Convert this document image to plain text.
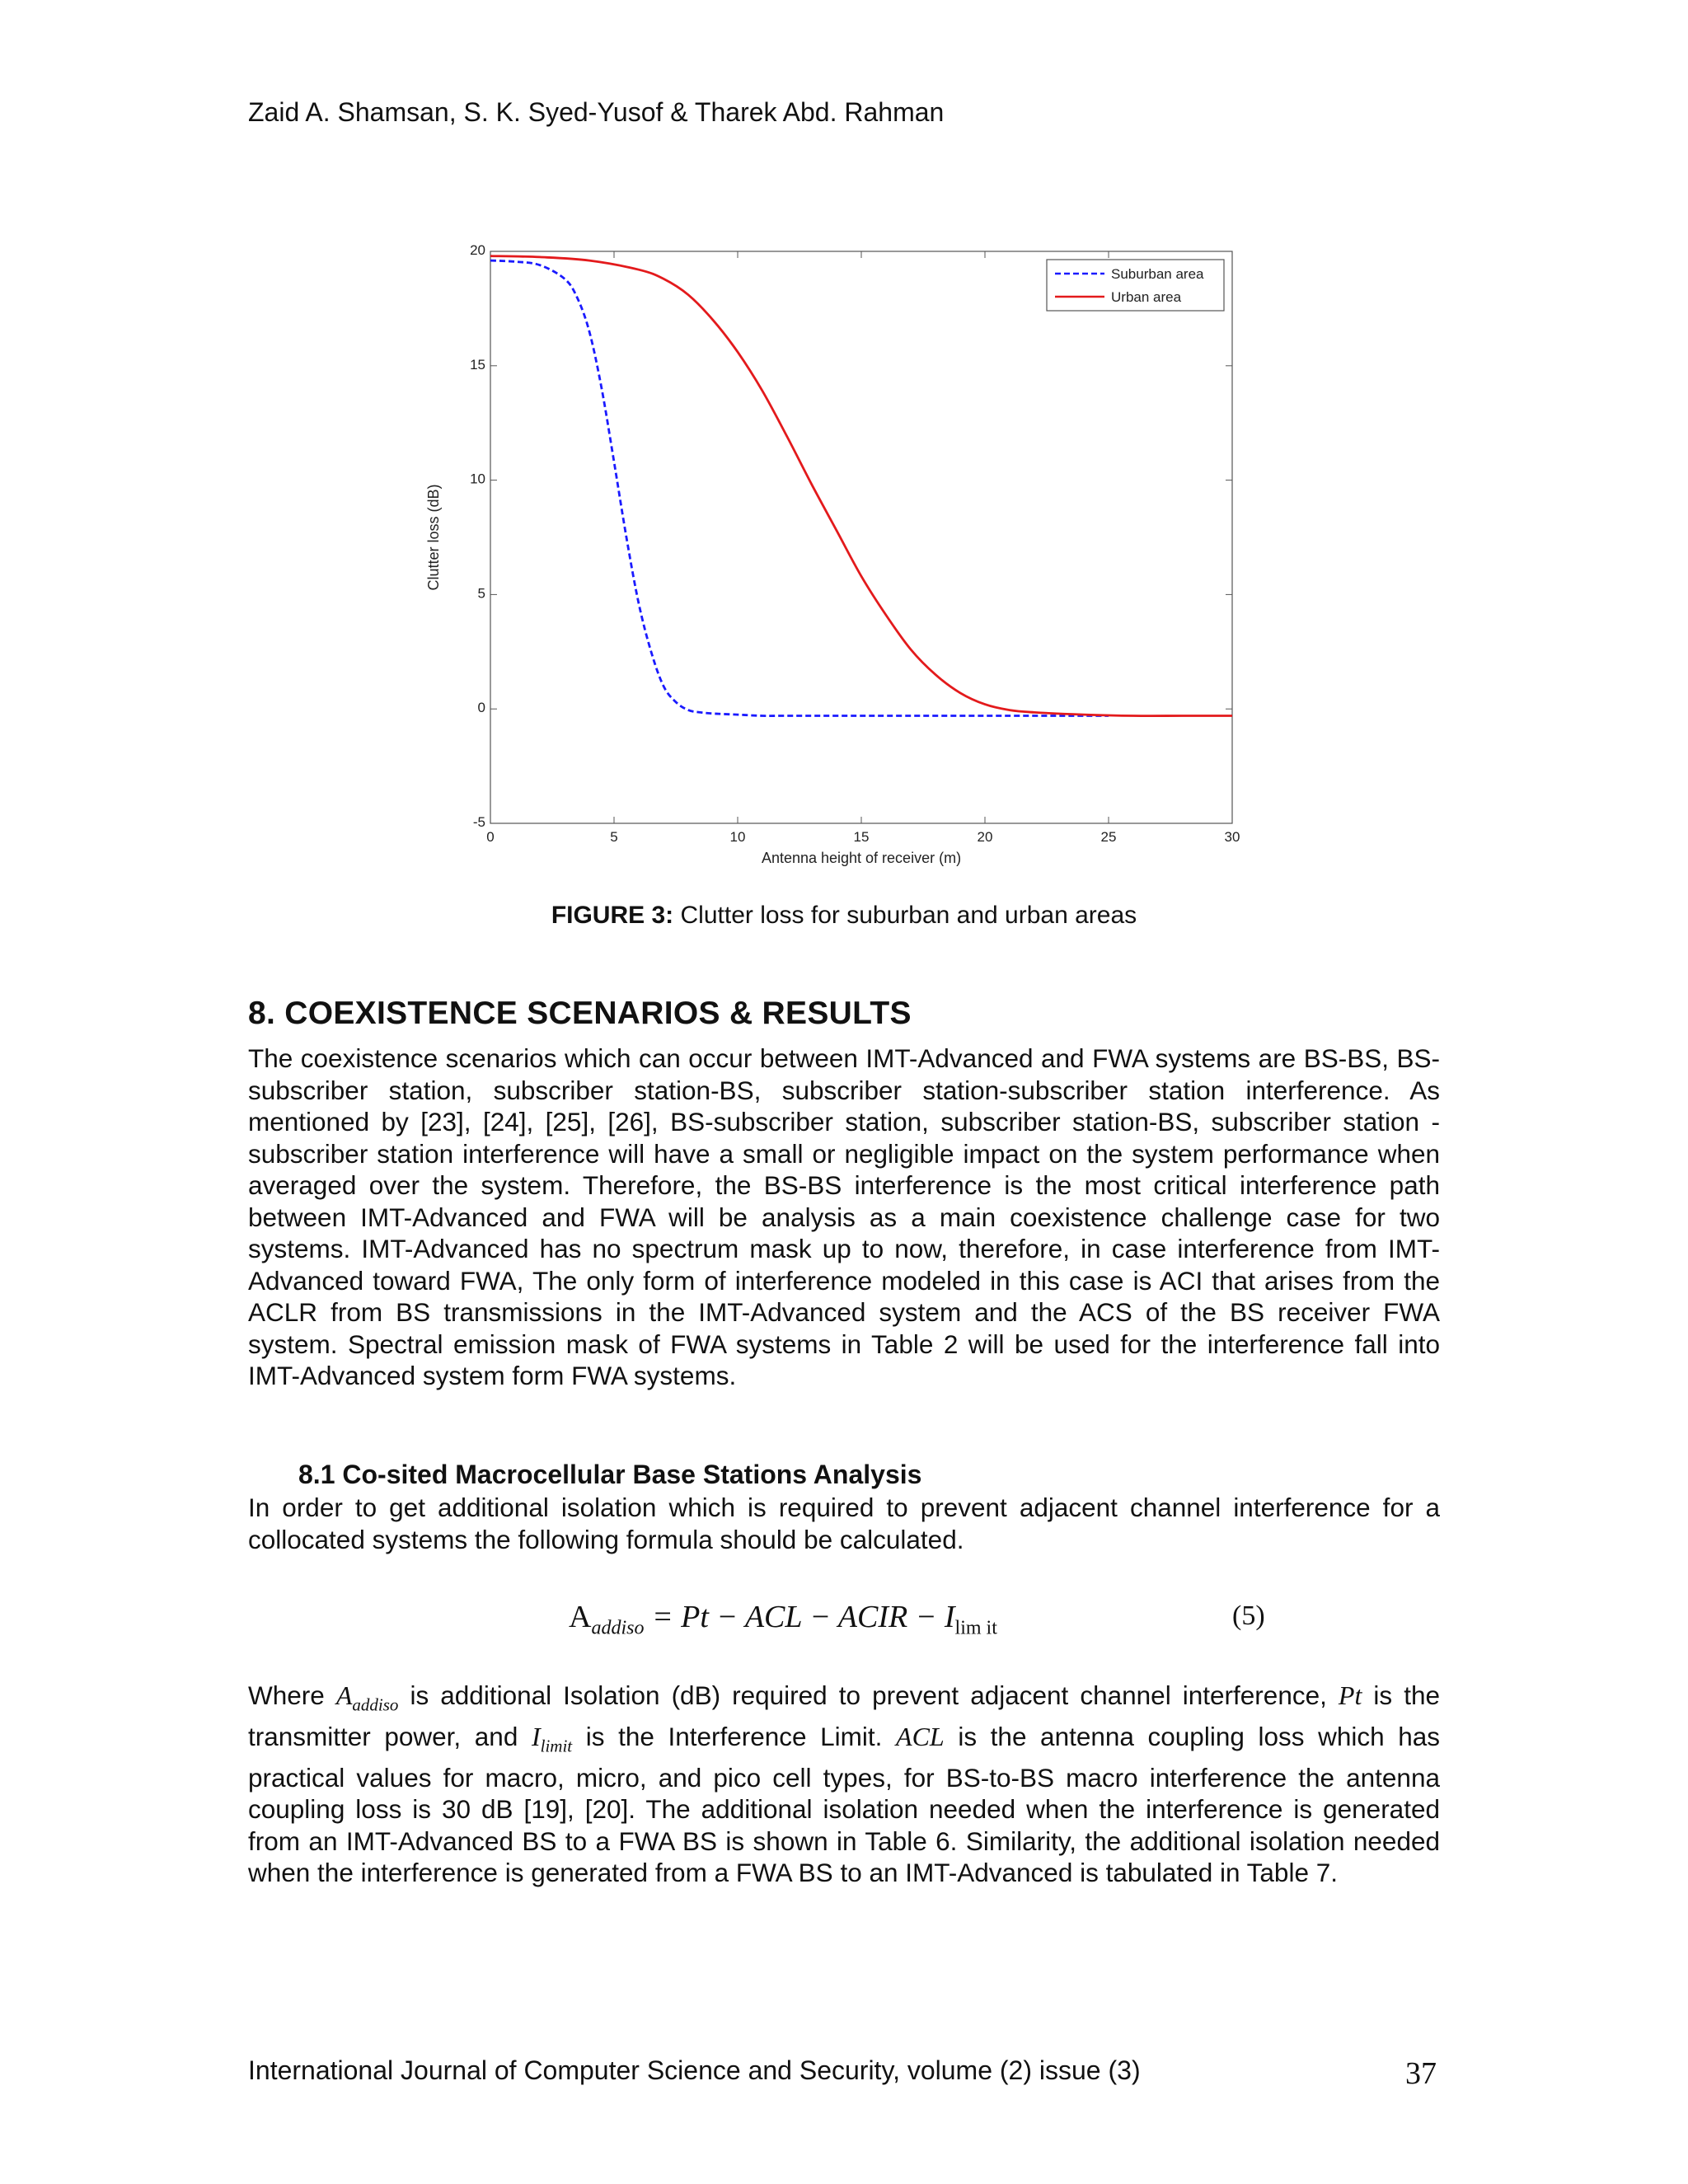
Zaid A. Shamsan, S. K. Syed-Yusof & Tharek Abd. Rahman
0	5	10	15	20	25	30
-5
0
5
10
15
20
Suburban area
Urban area
Antenna height of receiver (m)
Clutter loss (dB)
FIGURE 3: Clutter loss for suburban and urban areas
8. COEXISTENCE SCENARIOS & RESULTS
The coexistence scenarios which can occur between IMT-Advanced and FWA systems are BS-BS, BS-subscriber station, subscriber station-BS, subscriber station-subscriber station interference. As mentioned by [23], [24], [25], [26], BS-subscriber station, subscriber station-BS, subscriber station - subscriber station interference will have a small or negligible impact on the system performance when averaged over the system. Therefore, the BS-BS interference is the most critical interference path between IMT-Advanced and FWA will be analysis as a main coexistence challenge case for two systems. IMT-Advanced has no spectrum mask up to now, therefore, in case interference from IMT-Advanced toward FWA, The only form of interference modeled in this case is ACI that arises from the ACLR from BS transmissions in the IMT-Advanced system and the ACS of the BS receiver FWA system. Spectral emission mask of FWA systems in Table 2 will be used for the interference fall into IMT-Advanced system form FWA systems.
8.1 Co-sited Macrocellular Base Stations Analysis
In order to get additional isolation which is required to prevent adjacent channel interference for a collocated systems the following formula should be calculated.
$A_{addiso} = Pt$ − ACL − ACIR − $I_{lim it}$	(5)
Where $A_{addiso}$ is additional Isolation (dB) required to prevent adjacent channel interference, Pt is the transmitter power, and $I_{limit}$ is the Interference Limit. ACL is the antenna coupling loss which has practical values for macro, micro, and pico cell types, for BS-to-BS macro interference the antenna coupling loss is 30 dB [19], [20]. The additional isolation needed when the interference is generated from an IMT-Advanced BS to a FWA BS is shown in Table 6. Similarity, the additional isolation needed when the interference is generated from a FWA BS to an IMT-Advanced is tabulated in Table 7.
International Journal of Computer Science and Security, volume (2) issue (3)	37
